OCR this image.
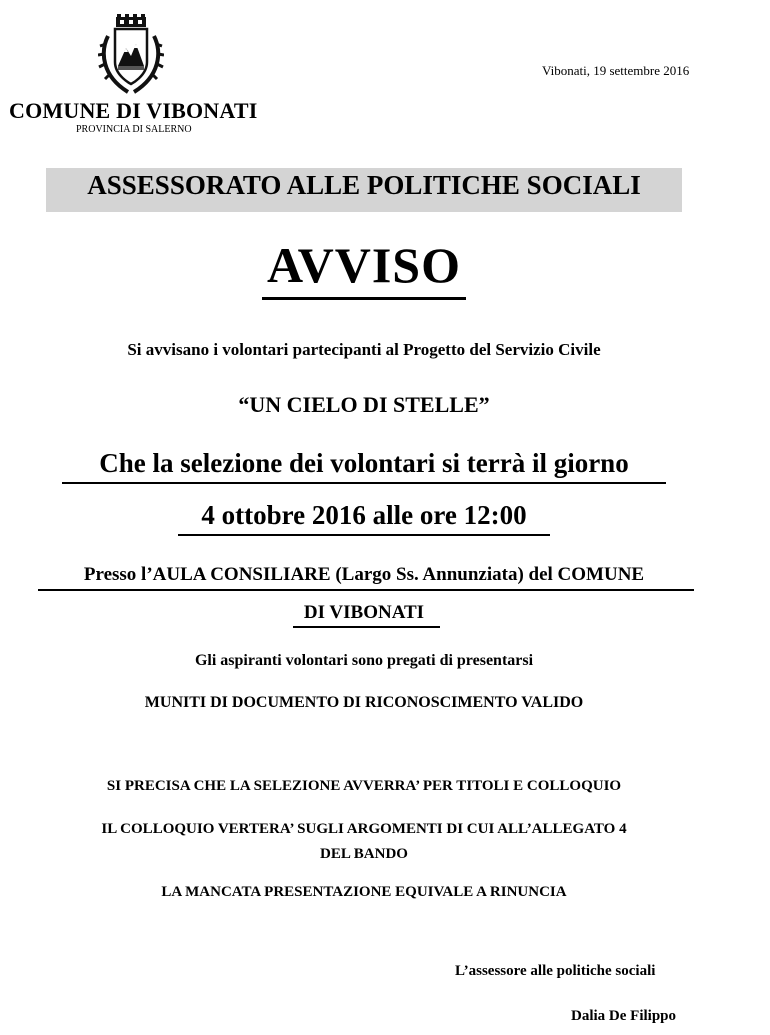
COMUNE DI VIBONATI
PROVINCIA DI SALERNO
Vibonati, 19 settembre 2016
ASSESSORATO ALLE POLITICHE SOCIALI
AVVISO
Si avvisano i volontari partecipanti al Progetto del Servizio Civile
“UN CIELO DI STELLE”
Che la selezione dei volontari si terrà il giorno
4 ottobre 2016 alle ore 12:00
Presso l’AULA CONSILIARE (Largo Ss. Annunziata) del COMUNE
DI VIBONATI
Gli aspiranti volontari sono pregati di presentarsi
MUNITI DI DOCUMENTO DI RICONOSCIMENTO VALIDO
SI PRECISA CHE LA SELEZIONE AVVERRA’ PER TITOLI E COLLOQUIO
IL COLLOQUIO VERTERA’ SUGLI ARGOMENTI DI CUI ALL’ALLEGATO 4
DEL BANDO
LA MANCATA PRESENTAZIONE EQUIVALE A RINUNCIA
L’assessore alle politiche sociali
Dalia De Filippo
